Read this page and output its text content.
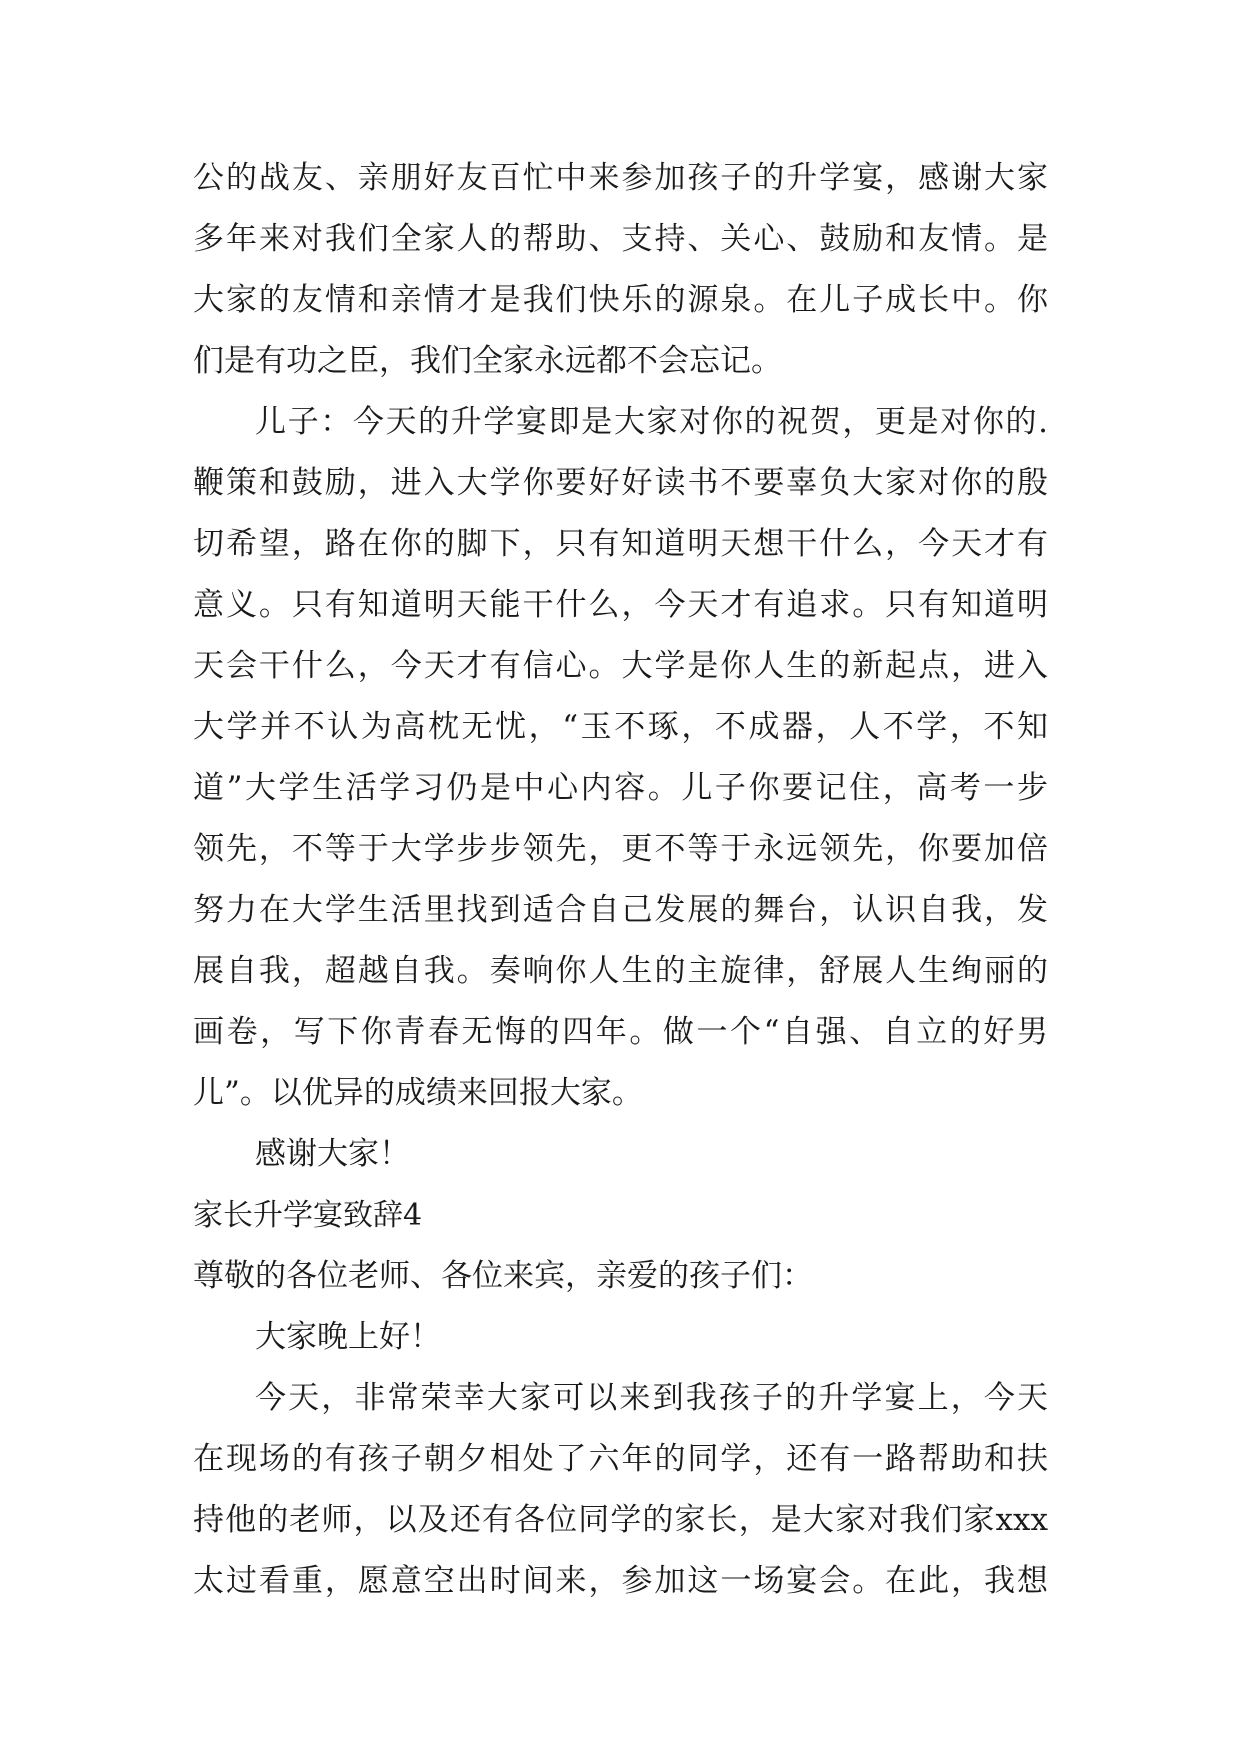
公的战友、亲朋好友百忙中来参加孩子的升学宴，感谢大家
多年来对我们全家人的帮助、支持、关心、鼓励和友情。是
大家的友情和亲情才是我们快乐的源泉。在儿子成长中。你
们是有功之臣，我们全家永远都不会忘记。
儿子：今天的升学宴即是大家对你的祝贺，更是对你的.
鞭策和鼓励，进入大学你要好好读书不要辜负大家对你的殷
切希望，路在你的脚下，只有知道明天想干什么，今天才有
意义。只有知道明天能干什么，今天才有追求。只有知道明
天会干什么，今天才有信心。大学是你人生的新起点，进入
大学并不认为高枕无忧，“玉不琢，不成器，人不学，不知
道”大学生活学习仍是中心内容。儿子你要记住，高考一步
领先，不等于大学步步领先，更不等于永远领先，你要加倍
努力在大学生活里找到适合自己发展的舞台，认识自我，发
展自我，超越自我。奏响你人生的主旋律，舒展人生绚丽的
画卷，写下你青春无悔的四年。做一个“自强、自立的好男
儿”。以优异的成绩来回报大家。
感谢大家！
家长升学宴致辞4
尊敬的各位老师、各位来宾，亲爱的孩子们：
大家晚上好！
今天，非常荣幸大家可以来到我孩子的升学宴上，今天
在现场的有孩子朝夕相处了六年的同学，还有一路帮助和扶
持他的老师，以及还有各位同学的家长，是大家对我们家xxx
太过看重，愿意空出时间来，参加这一场宴会。在此，我想
